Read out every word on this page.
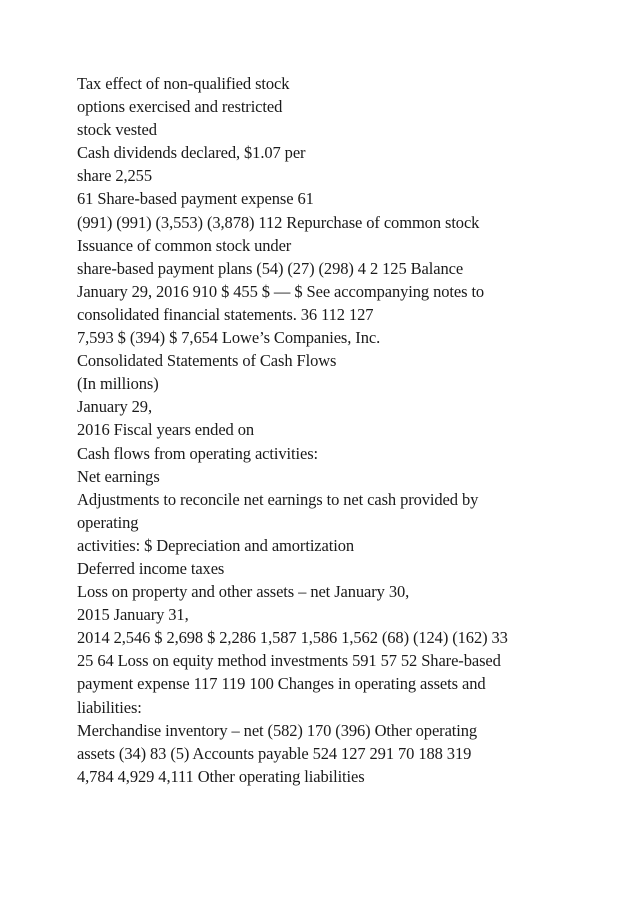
Tax effect of non-qualified stock
options exercised and restricted
stock vested
Cash dividends declared, $1.07 per
share 2,255
61 Share-based payment expense 61
(991) (991) (3,553) (3,878) 112 Repurchase of common stock
Issuance of common stock under
share-based payment plans (54) (27) (298) 4 2 125 Balance
January 29, 2016 910 $ 455 $ — $ See accompanying notes to
consolidated financial statements. 36 112 127
7,593 $ (394) $ 7,654 Lowe’s Companies, Inc.
Consolidated Statements of Cash Flows
(In millions)
January 29,
2016 Fiscal years ended on
Cash flows from operating activities:
Net earnings
Adjustments to reconcile net earnings to net cash provided by
operating
activities: $ Depreciation and amortization
Deferred income taxes
Loss on property and other assets – net January 30,
2015 January 31,
2014 2,546 $ 2,698 $ 2,286 1,587 1,586 1,562 (68) (124) (162) 33
25 64 Loss on equity method investments 591 57 52 Share-based
payment expense 117 119 100 Changes in operating assets and
liabilities:
Merchandise inventory – net (582) 170 (396) Other operating
assets (34) 83 (5) Accounts payable 524 127 291 70 188 319
4,784 4,929 4,111 Other operating liabilities
